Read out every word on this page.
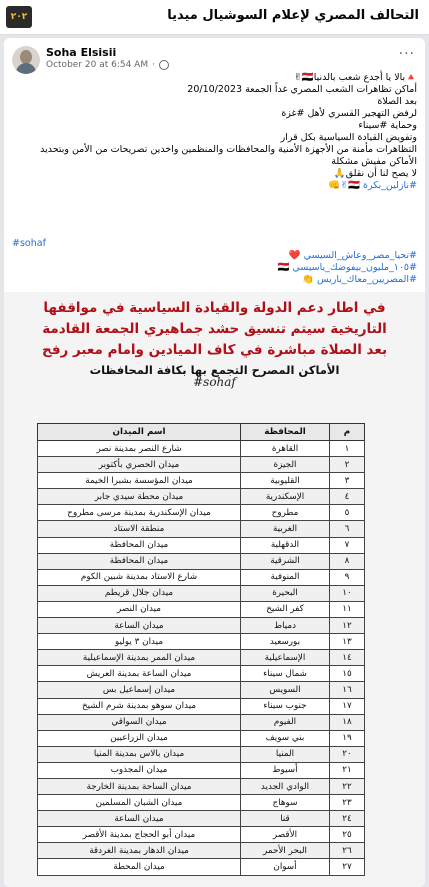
٢٠٢	التحالف المصري لإعلام السوشيال ميديا
Soha Elsisii
October 20 at 6:54 AM ·
···

🔺بالا يا أجدع شعب بالدنيا🇪🇬✌

أماكن تظاهرات الشعب المصري غداً الجمعة 20/10/2023

بعد الصلاة

لرفض التهجير القسري لأهل #غزة

وحماية #سيناء

وتفويض القيادة السياسية بكل قرار

التظاهرات مأمنة من الأجهزة الأمنية والمحافظات والمنظمين واخدين تصريحات من الأمن وبتحديد الأماكن مفيش مشكلة

لا يصح لنا أن نقلق🙏

#نازلين_بكرة 🇪🇬✌👊

#sohaf

#تحيا_مصر_وعاش_السيسي ❤️

#١٠٥_مليون_بيفوضك_ياسيسي 🇪🇬

#المصريين_معاك_ياريس 👏

في اطار دعم الدولة والقيادة السياسية في مواقفها
التاريخية سيتم تنسيق حشد جماهيري الجمعة القادمة
بعد الصلاة مباشرة في كاف الميادين وامام معبر رفح
الأماكن المصرح التجمع بها بكافة المحافظات
#sohaf
م	المحافظة	اسم الميدان
١	القاهرة	شارع النصر بمدينة نصر
٢	الجيزة	ميدان الحصري بأكتوبر
٣	القليوبية	ميدان المؤسسة بشبرا الخيمة
٤	الإسكندرية	ميدان محطة سيدي جابر
٥	مطروح	ميدان الإسكندرية بمدينة مرسى مطروح
٦	الغربية	منطقة الاستاد
٧	الدقهلية	ميدان المحافظة
٨	الشرقية	ميدان المحافظة
٩	المنوفية	شارع الاستاد بمدينة شبين الكوم
١٠	البحيرة	ميدان جلال قريطم
١١	كفر الشيخ	ميدان النصر
١٢	دمياط	ميدان الساعة
١٣	بورسعيد	ميدان ٣ يوليو
١٤	الإسماعيلية	ميدان الممر بمدينة الإسماعيلية
١٥	شمال سيناء	ميدان الساعة بمدينة العريش
١٦	السويس	ميدان إسماعيل بس
١٧	جنوب سيناء	ميدان سوهو بمدينة شرم الشيخ
١٨	الفيوم	ميدان السواقي
١٩	بني سويف	ميدان الزراعيين
٢٠	المنيا	ميدان بالاس بمدينة المنيا
٢١	أسيوط	ميدان المجذوب
٢٢	الوادي الجديد	ميدان الساحة بمدينة الخارجة
٢٣	سوهاج	ميدان الشبان المسلمين
٢٤	قنا	ميدان الساعة
٢٥	الأقصر	ميدان أبو الحجاج بمدينة الأقصر
٢٦	البحر الأحمر	ميدان الدهار بمدينة الغردقة
٢٧	أسوان	ميدان المحطة
